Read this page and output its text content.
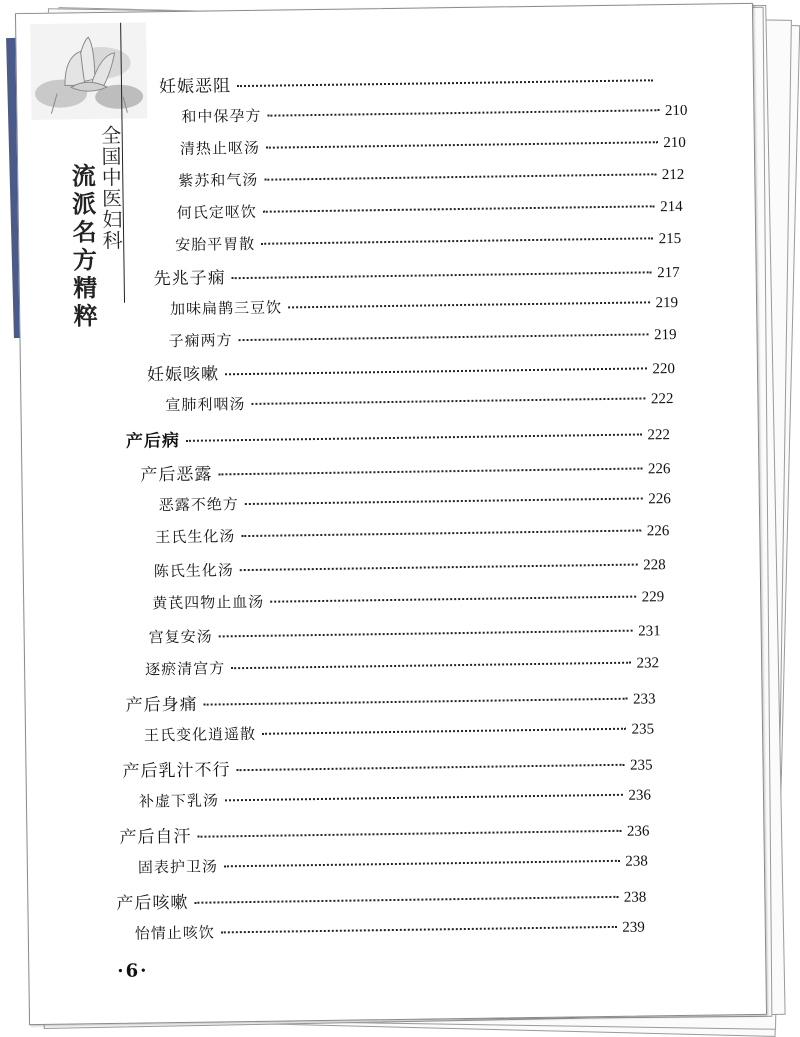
全国中医妇科
流派名方精粹
妊娠恶阻
和中保孕方	210
清热止呕汤	210
紫苏和气汤	212
何氏定呕饮	214
安胎平胃散	215
先兆子痫	217
加味扁鹊三豆饮	219
子痫两方	219
妊娠咳嗽	220
宣肺利咽汤	222
产后病	222
产后恶露	226
恶露不绝方	226
王氏生化汤	226
陈氏生化汤	228
黄芪四物止血汤	229
宫复安汤	231
逐瘀清宫方	232
产后身痛	233
王氏变化逍遥散	235
产后乳汁不行	235
补虚下乳汤	236
产后自汗	236
固表护卫汤	238
产后咳嗽	238
怡情止咳饮	239
·6·
